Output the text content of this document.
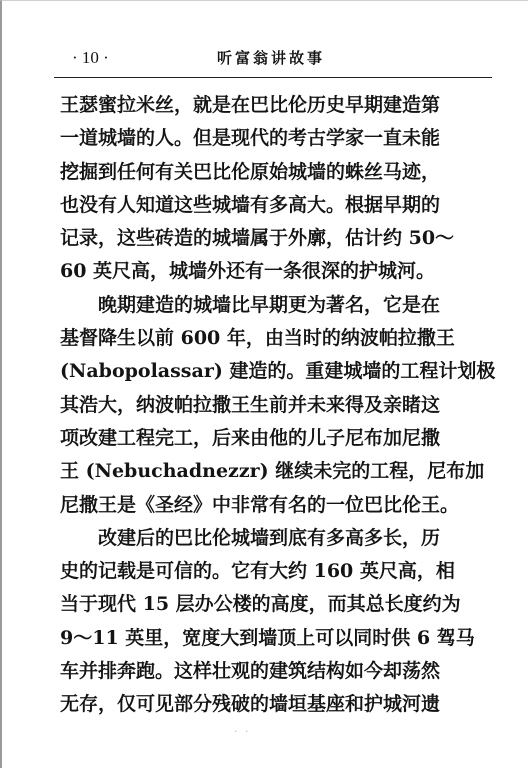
· 10 ·	听富翁讲故事
王瑟蜜拉米丝，就是在巴比伦历史早期建造第
一道城墙的人。但是现代的考古学家一直未能
挖掘到任何有关巴比伦原始城墙的蛛丝马迹，
也没有人知道这些城墙有多高大。根据早期的
记录，这些砖造的城墙属于外廓，估计约 50～
60 英尺高，城墙外还有一条很深的护城河。
晚期建造的城墙比早期更为著名，它是在
基督降生以前 600 年，由当时的纳波帕拉撒王
(Nabopolassar) 建造的。重建城墙的工程计划极
其浩大，纳波帕拉撒王生前并未来得及亲睹这
项改建工程完工，后来由他的儿子尼布加尼撒
王 (Nebuchadnezzr) 继续未完的工程，尼布加
尼撒王是《圣经》中非常有名的一位巴比伦王。
改建后的巴比伦城墙到底有多高多长，历
史的记载是可信的。它有大约 160 英尺高，相
当于现代 15 层办公楼的高度，而其总长度约为
9～11 英里，宽度大到墙顶上可以同时供 6 驾马
车并排奔跑。这样壮观的建筑结构如今却荡然
无存，仅可见部分残破的墙垣基座和护城河遗
· ·
